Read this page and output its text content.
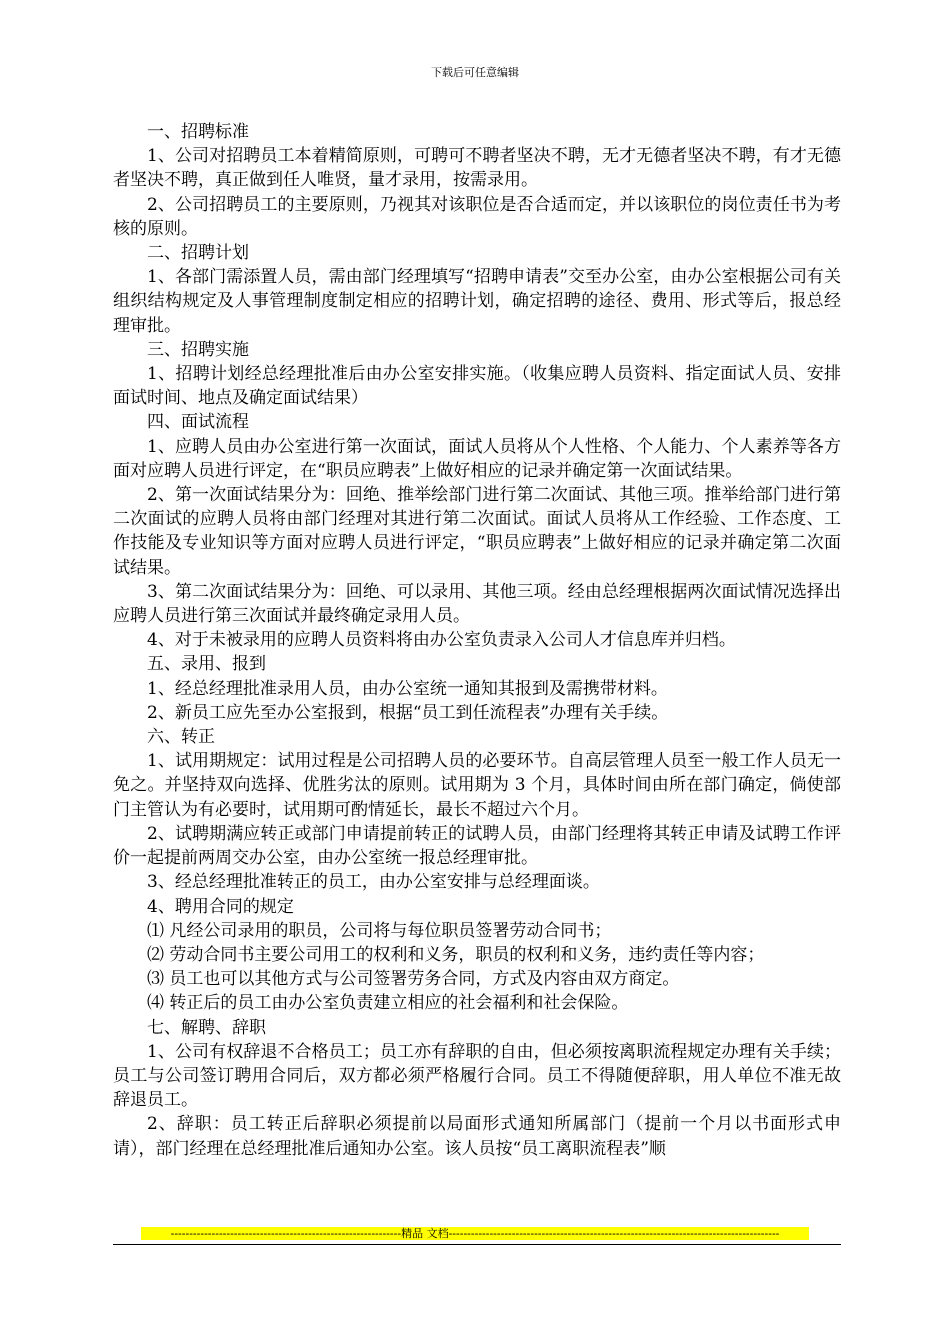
下载后可任意编辑

一、招聘标准

1、公司对招聘员工本着精简原则，可聘可不聘者坚决不聘，无才无德者坚决不聘，有才无德者坚决不聘，真正做到任人唯贤，量才录用，按需录用。

2、公司招聘员工的主要原则，乃视其对该职位是否合适而定，并以该职位的岗位责任书为考核的原则。

二、招聘计划

1、各部门需添置人员，需由部门经理填写“招聘申请表”交至办公室，由办公室根据公司有关组织结构规定及人事管理制度制定相应的招聘计划，确定招聘的途径、费用、形式等后，报总经理审批。

三、招聘实施

1、招聘计划经总经理批准后由办公室安排实施。（收集应聘人员资料、指定面试人员、安排面试时间、地点及确定面试结果）

四、面试流程

1、应聘人员由办公室进行第一次面试，面试人员将从个人性格、个人能力、个人素养等各方面对应聘人员进行评定，在“职员应聘表”上做好相应的记录并确定第一次面试结果。

2、第一次面试结果分为：回绝、推举绘部门进行第二次面试、其他三项。推举给部门进行第二次面试的应聘人员将由部门经理对其进行第二次面试。面试人员将从工作经验、工作态度、工作技能及专业知识等方面对应聘人员进行评定，“职员应聘表”上做好相应的记录并确定第二次面试结果。

3、第二次面试结果分为：回绝、可以录用、其他三项。经由总经理根据两次面试情况选择出应聘人员进行第三次面试并最终确定录用人员。

4、对于未被录用的应聘人员资料将由办公室负责录入公司人才信息库并归档。

五、录用、报到

1、经总经理批准录用人员，由办公室统一通知其报到及需携带材料。

2、新员工应先至办公室报到，根据“员工到任流程表”办理有关手续。

六、转正

1、试用期规定：试用过程是公司招聘人员的必要环节。自高层管理人员至一般工作人员无一免之。并坚持双向选择、优胜劣汰的原则。试用期为 3 个月，具体时间由所在部门确定，倘使部门主管认为有必要时，试用期可酌情延长，最长不超过六个月。

2、试聘期满应转正或部门申请提前转正的试聘人员，由部门经理将其转正申请及试聘工作评价一起提前两周交办公室，由办公室统一报总经理审批。

3、经总经理批准转正的员工，由办公室安排与总经理面谈。

4、聘用合同的规定

⑴ 凡经公司录用的职员，公司将与每位职员签署劳动合同书；

⑵ 劳动合同书主要公司用工的权利和义务，职员的权利和义务，违约责任等内容；

⑶ 员工也可以其他方式与公司签署劳务合同，方式及内容由双方商定。

⑷ 转正后的员工由办公室负责建立相应的社会福利和社会保险。

七、解聘、辞职

1、公司有权辞退不合格员工；员工亦有辞职的自由，但必须按离职流程规定办理有关手续；员工与公司签订聘用合同后，双方都必须严格履行合同。员工不得随便辞职，用人单位不准无故辞退员工。

2、辞职：员工转正后辞职必须提前以局面形式通知所属部门（提前一个月以书面形式申请），部门经理在总经理批准后通知办公室。该人员按“员工离职流程表”顺

--------------------------------------------------------------精品 文档-----------------------------------------------------------------------------------------
